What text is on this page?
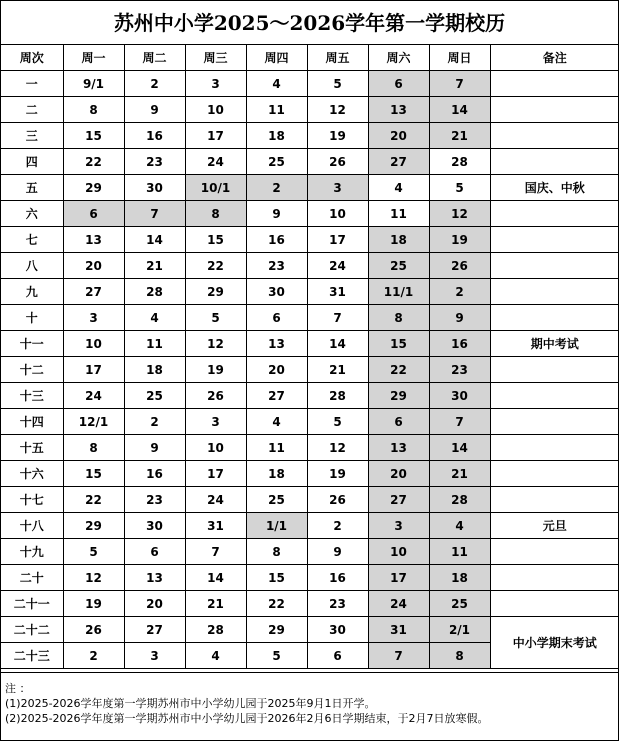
苏州中小学2025～2026学年第一学期校历
周次	周一	周二	周三	周四	周五	周六	周日	备注
一	9/1	2	3	4	5	6	7	
二	8	9	10	11	12	13	14	
三	15	16	17	18	19	20	21	
四	22	23	24	25	26	27	28	
五	29	30	10/1	2	3	4	5	国庆、中秋
六	6	7	8	9	10	11	12	
七	13	14	15	16	17	18	19	
八	20	21	22	23	24	25	26	
九	27	28	29	30	31	11/1	2	
十	3	4	5	6	7	8	9	
十一	10	11	12	13	14	15	16	期中考试
十二	17	18	19	20	21	22	23	
十三	24	25	26	27	28	29	30	
十四	12/1	2	3	4	5	6	7	
十五	8	9	10	11	12	13	14	
十六	15	16	17	18	19	20	21	
十七	22	23	24	25	26	27	28	
十八	29	30	31	1/1	2	3	4	元旦
十九	5	6	7	8	9	10	11	
二十	12	13	14	15	16	17	18	
二十一	19	20	21	22	23	24	25	
二十二	26	27	28	29	30	31	2/1	中小学期末考试
二十三	2	3	4	5	6	7	8	
注 ：
(1)2025-2026学年度第一学期苏州市中小学幼儿园于2025年9月1日开学。
(2)2025-2026学年度第一学期苏州市中小学幼儿园于2026年2月6日学期结束，于2月7日放寒假。
